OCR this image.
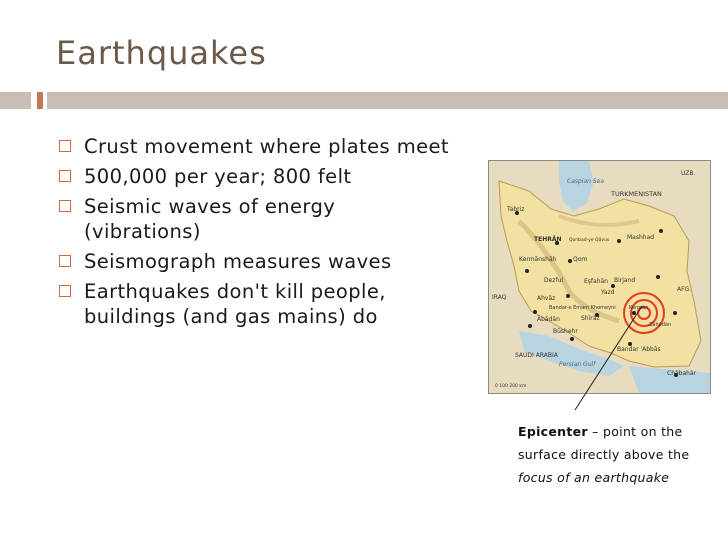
Earthquakes
Crust movement where plates meet
500,000 per year; 800 felt
Seismic waves of energy (vibrations)
Seismograph measures waves
Earthquakes don't kill people, buildings (and gas mains) do
UZB.
Caspian Sea
TURKMENISTAN
Tabriz
TEHRĀN Qonbad-ye Qāvus	Mashhad
Kermānshāh	Qom
Dezful	Eşfahān Birjand
AFG.
IRAQ	Ahvāz
Yazd
Bandar-e Emam Khomeyni
Ābādān	Shīrāz
Kermān
Zāhedān
Būshehr
SAUDI ARABIA
Persian Gulf
Bandar 'Abbās
Chābahār
0 100 200 km
Epicenter – point on the surface directly above the focus of an earthquake
